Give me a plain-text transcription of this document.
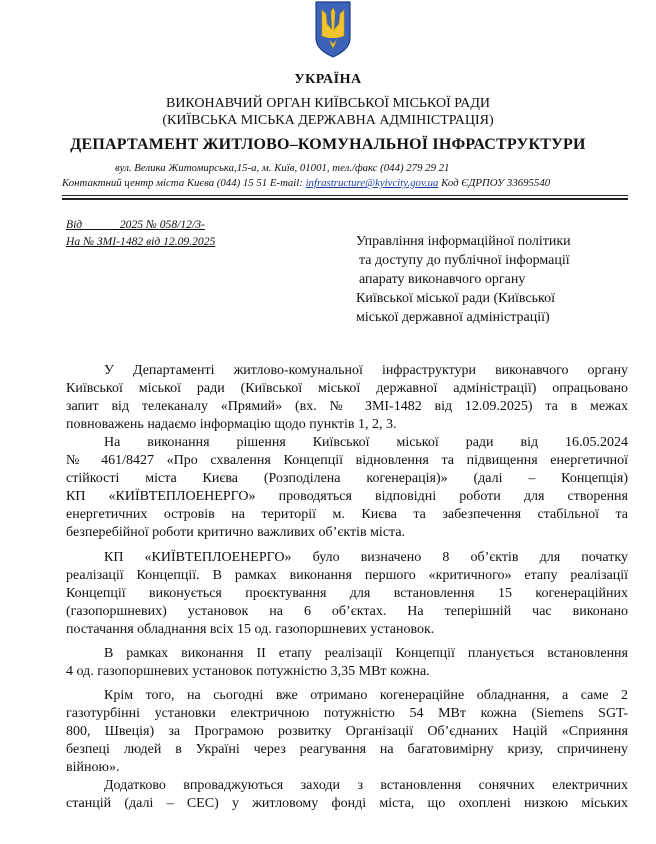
УКРАЇНА
ВИКОНАВЧИЙ ОРГАН КИЇВСЬКОЇ МІСЬКОЇ РАДИ
(КИЇВСЬКА МІСЬКА ДЕРЖАВНА АДМІНІСТРАЦІЯ)
ДЕПАРТАМЕНТ ЖИТЛОВО–КОМУНАЛЬНОЇ ІНФРАСТРУКТУРИ
вул. Велика Житомирська,15-а, м. Київ, 01001, тел./факс (044) 279 29 21
Контактний центр міста Києва (044) 15 51 E-mail: infrastructure@kyivcity.gov.ua Код ЄДРПОУ 33695540
Від             2025 № 058/12/3-
На № ЗМІ-1482 від 12.09.2025	Управління інформаційної політики
та доступу до публічної інформації
апарату виконавчого органу
Київської міської ради (Київської
міської державної адміністрації)
У Департаменті житлово-комунальної інфраструктури виконавчого органу
Київської міської ради (Київської міської державної адміністрації) опрацьовано
запит від телеканалу «Прямий» (вх. № ЗМІ-1482 від 12.09.2025) та в межах
повноважень надаємо інформацію щодо пунктів 1, 2, 3.
На виконання рішення Київської міської ради від 16.05.2024
№ 461/8427 «Про схвалення Концепції відновлення та підвищення енергетичної
стійкості міста Києва (Розподілена когенерація)» (далі – Концепція)
КП «КИЇВТЕПЛОЕНЕРГО» проводяться відповідні роботи для створення
енергетичних островів на території м. Києва та забезпечення стабільної та
безперебійної роботи критично важливих об’єктів міста.
КП «КИЇВТЕПЛОЕНЕРГО» було визначено 8 об’єктів для початку
реалізації Концепції. В рамках виконання першого «критичного» етапу реалізації
Концепції виконується проєктування для встановлення 15 когенераційних
(газопоршневих) установок на 6 об’єктах. На теперішній час виконано
постачання обладнання всіх 15 од. газопоршневих установок.
В рамках виконання ІІ етапу реалізації Концепції планується встановлення
4 од. газопоршневих установок потужністю 3,35 МВт кожна.
Крім того, на сьогодні вже отримано когенераційне обладнання, а саме 2
газотурбінні установки електричною потужністю 54 МВт кожна (Siemens SGT-
800, Швеція) за Програмою розвитку Організації Об’єднаних Націй «Сприяння
безпеці людей в Україні через реагування на багатовимірну кризу, спричинену
війною».
Додатково впроваджуються заходи з встановлення сонячних електричних
станцій (далі – СЕС) у житловому фонді міста, що охоплені низкою міських
